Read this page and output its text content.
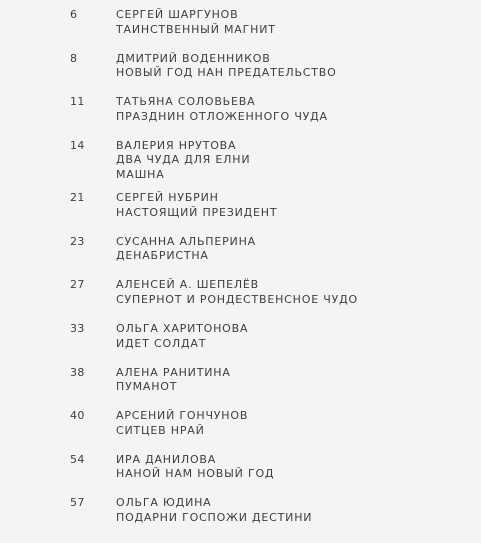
6	СЕРГЕЙ ШАРГУНОВ
ТАИНСТВЕННЫЙ МАГНИТ
8	ДМИТРИЙ ВОДЕННИКОВ
НОВЫЙ ГОД НАН ПРЕДАТЕЛЬСТВО
11	ТАТЬЯНА СОЛОВЬЕВА
ПРАЗДНИН ОТЛОЖЕННОГО ЧУДА
14	ВАЛЕРИЯ НРУТОВА
ДВА ЧУДА ДЛЯ ЕЛНИ
МАШНА
21	СЕРГЕЙ НУБРИН
НАСТОЯЩИЙ ПРЕЗИДЕНТ
23	СУСАННА АЛЬПЕРИНА
ДЕНАБРИСТНА
27	АЛЕНСЕЙ А. ШЕПЕЛЁВ
СУПЕРНОТ И РОНДЕСТВЕНСНОЕ ЧУДО
33	ОЛЬГА ХАРИТОНОВА
ИДЕТ СОЛДАТ
38	АЛЕНА РАНИТИНА
ПУМАНОТ
40	АРСЕНИЙ ГОНЧУНОВ
СИТЦЕВ НРАЙ
54	ИРА ДАНИЛОВА
НАНОЙ НАМ НОВЫЙ ГОД
57	ОЛЬГА ЮДИНА
ПОДАРНИ ГОСПОЖИ ДЕСТИНИ
